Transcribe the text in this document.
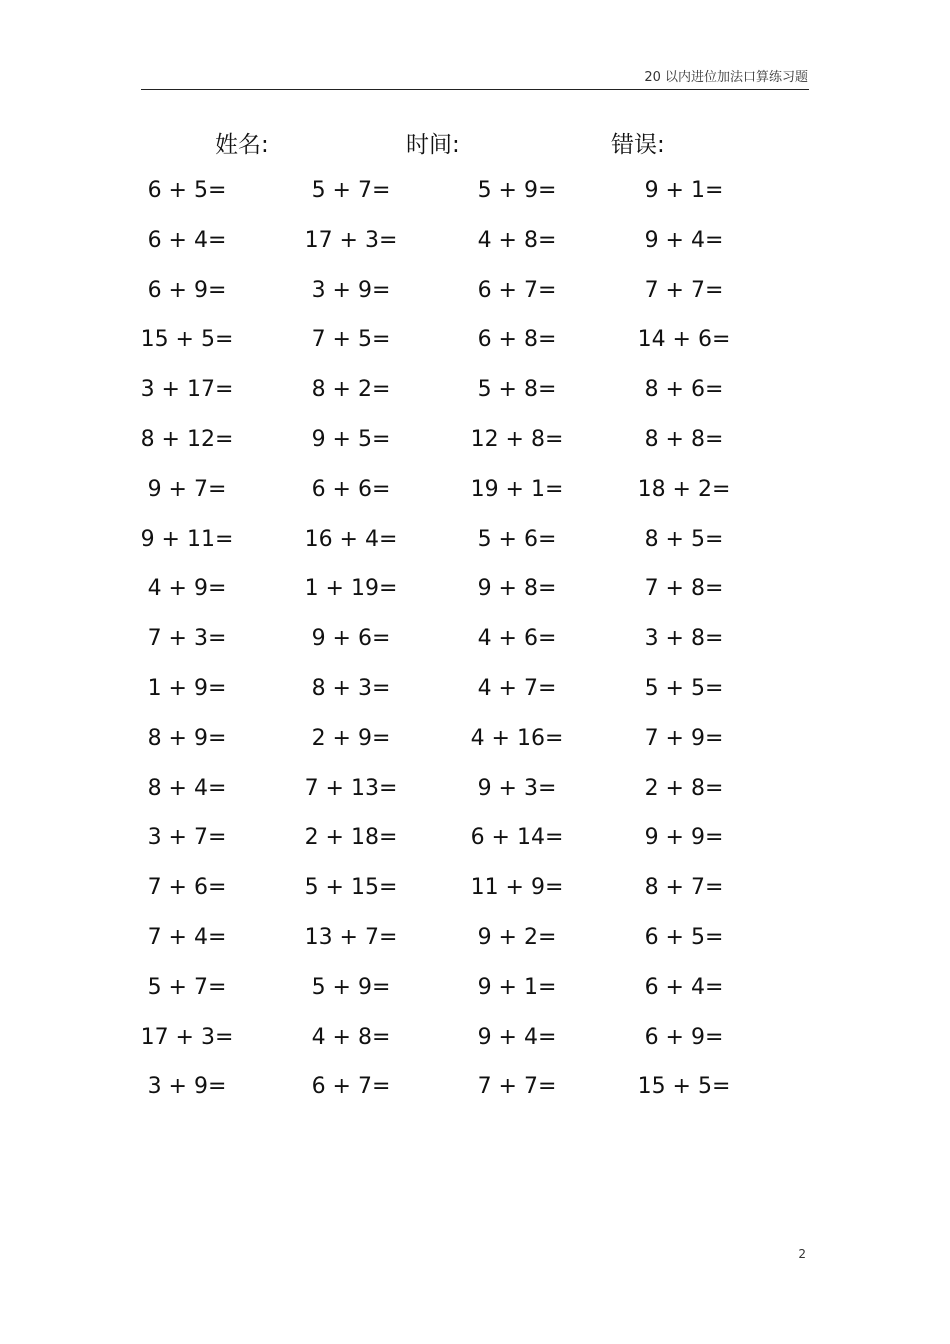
20 以内进位加法口算练习题
姓名:	时间:	错误:
6 + 5=	5 + 7=	5 + 9=	9 + 1=
6 + 4=	17 + 3=	4 + 8=	9 + 4=
6 + 9=	3 + 9=	6 + 7=	7 + 7=
15 + 5=	7 + 5=	6 + 8=	14 + 6=
3 + 17=	8 + 2=	5 + 8=	8 + 6=
8 + 12=	9 + 5=	12 + 8=	8 + 8=
9 + 7=	6 + 6=	19 + 1=	18 + 2=
9 + 11=	16 + 4=	5 + 6=	8 + 5=
4 + 9=	1 + 19=	9 + 8=	7 + 8=
7 + 3=	9 + 6=	4 + 6=	3 + 8=
1 + 9=	8 + 3=	4 + 7=	5 + 5=
8 + 9=	2 + 9=	4 + 16=	7 + 9=
8 + 4=	7 + 13=	9 + 3=	2 + 8=
3 + 7=	2 + 18=	6 + 14=	9 + 9=
7 + 6=	5 + 15=	11 + 9=	8 + 7=
7 + 4=	13 + 7=	9 + 2=	6 + 5=
5 + 7=	5 + 9=	9 + 1=	6 + 4=
17 + 3=	4 + 8=	9 + 4=	6 + 9=
3 + 9=	6 + 7=	7 + 7=	15 + 5=
2
